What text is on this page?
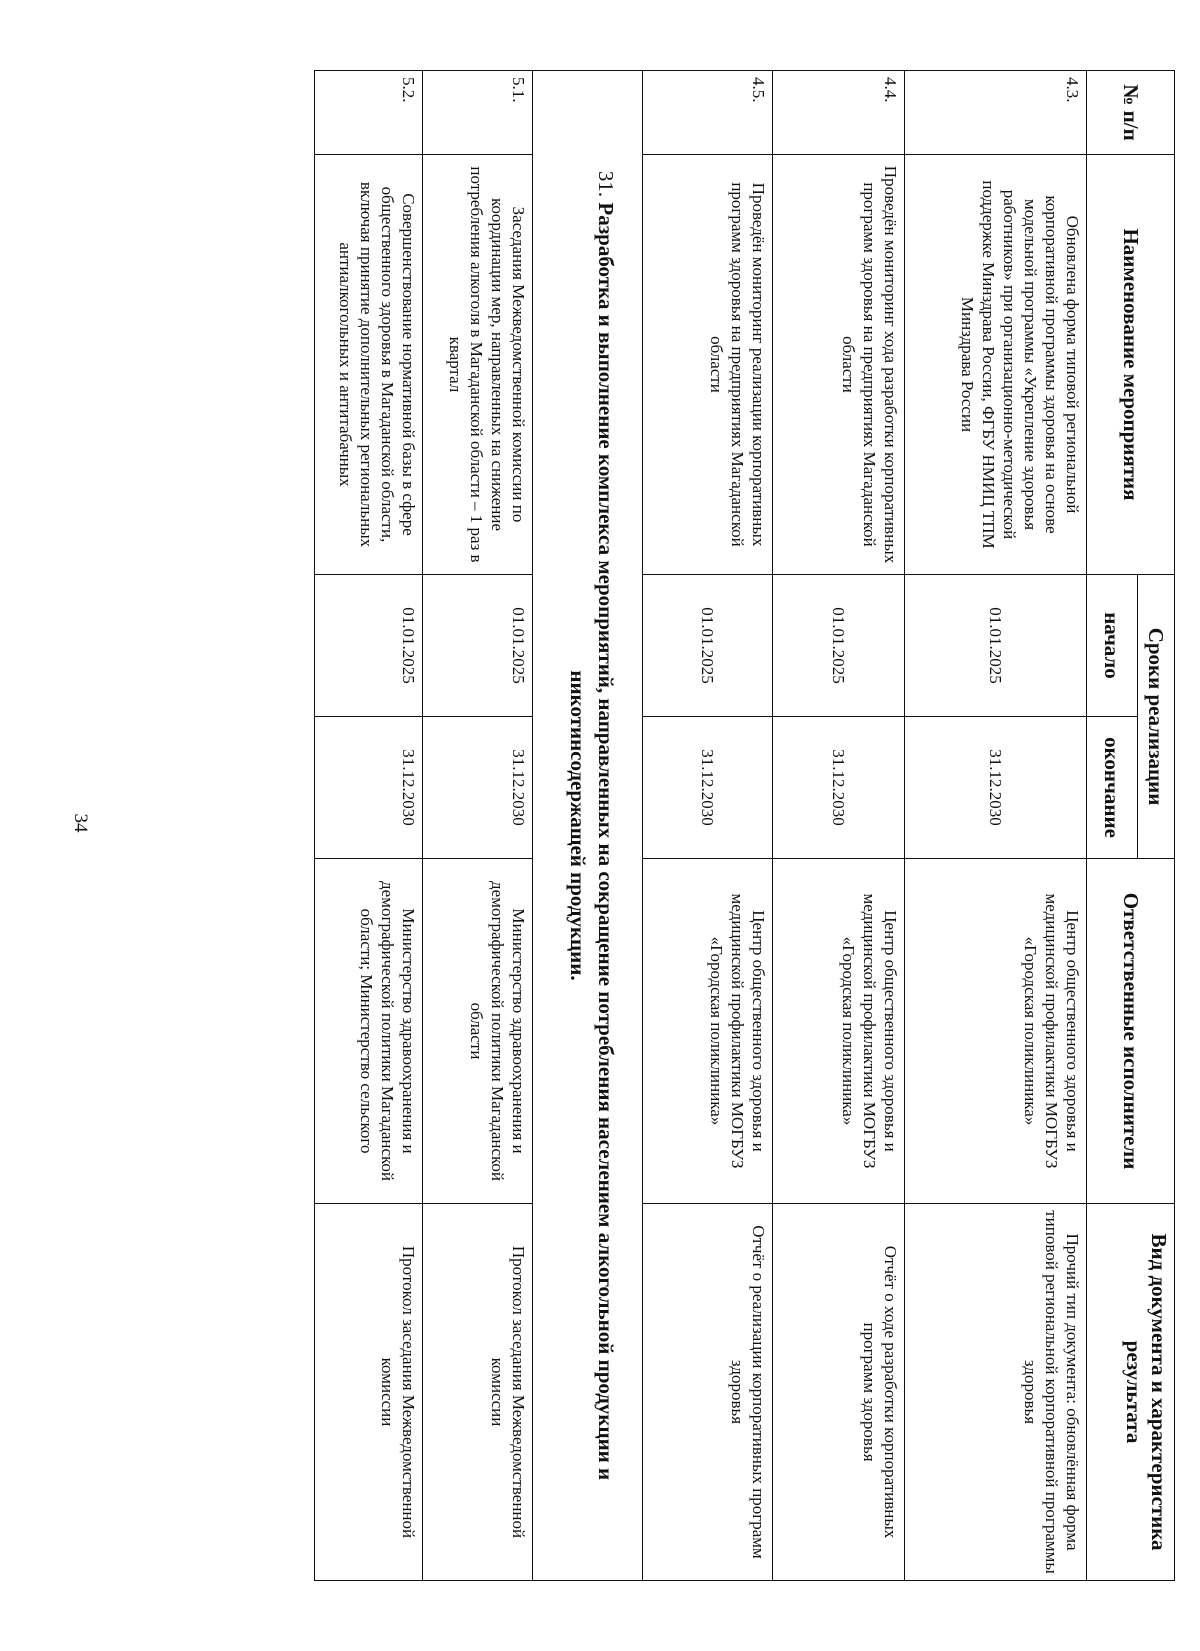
34
№ п/п	Наименование мероприятия	Сроки реализации		Ответственные исполнители	Вид документа и характеристика результата
		начало	окончание		
4.3.	Обновлена форма типовой региональной корпоративной программы здоровья на основе модельной программы «Укрепление здоровья работников» при организационно-методической поддержке Минздрава России, ФГБУ НМИЦ ТПМ Минздрава России	01.01.2025	31.12.2030	Центр общественного здоровья и медицинской профилактики МОГБУЗ «Городская поликлиника»	Прочий тип документа: обновлённая форма типовой региональной корпоративной программы здоровья
4.4.	Проведён мониторинг хода разработки корпоративных программ здоровья на предприятиях Магаданской области	01.01.2025	31.12.2030	Центр общественного здоровья и медицинской профилактики МОГБУЗ «Городская поликлиника»	Отчёт о ходе разработки корпоративных программ здоровья
4.5.	Проведён мониторинг реализации корпоративных программ здоровья на предприятиях Магаданской области	01.01.2025	31.12.2030	Центр общественного здоровья и медицинской профилактики МОГБУЗ «Городская поликлиника»	Отчёт о реализации корпоративных программ здоровья
31. Разработка и выполнение комплекса мероприятий, направленных на сокращение потребления населением алкогольной продукции и никотинсодержащей продукции.					
5.1.	Заседания Межведомственной комиссии по координации мер, направленных на снижение потребления алкоголя в Магаданской области – 1 раз в квартал	01.01.2025	31.12.2030	Министерство здравоохранения и демографической политики Магаданской области	Протокол заседания Межведомственной комиссии
5.2.	Совершенствование нормативной базы в сфере общественного здоровья в Магаданской области, включая принятие дополнительных региональных антиалкогольных и антитабачных	01.01.2025	31.12.2030	Министерство здравоохранения и демографической политики Магаданской области; Министерство сельского	Протокол заседания Межведомственной комиссии
